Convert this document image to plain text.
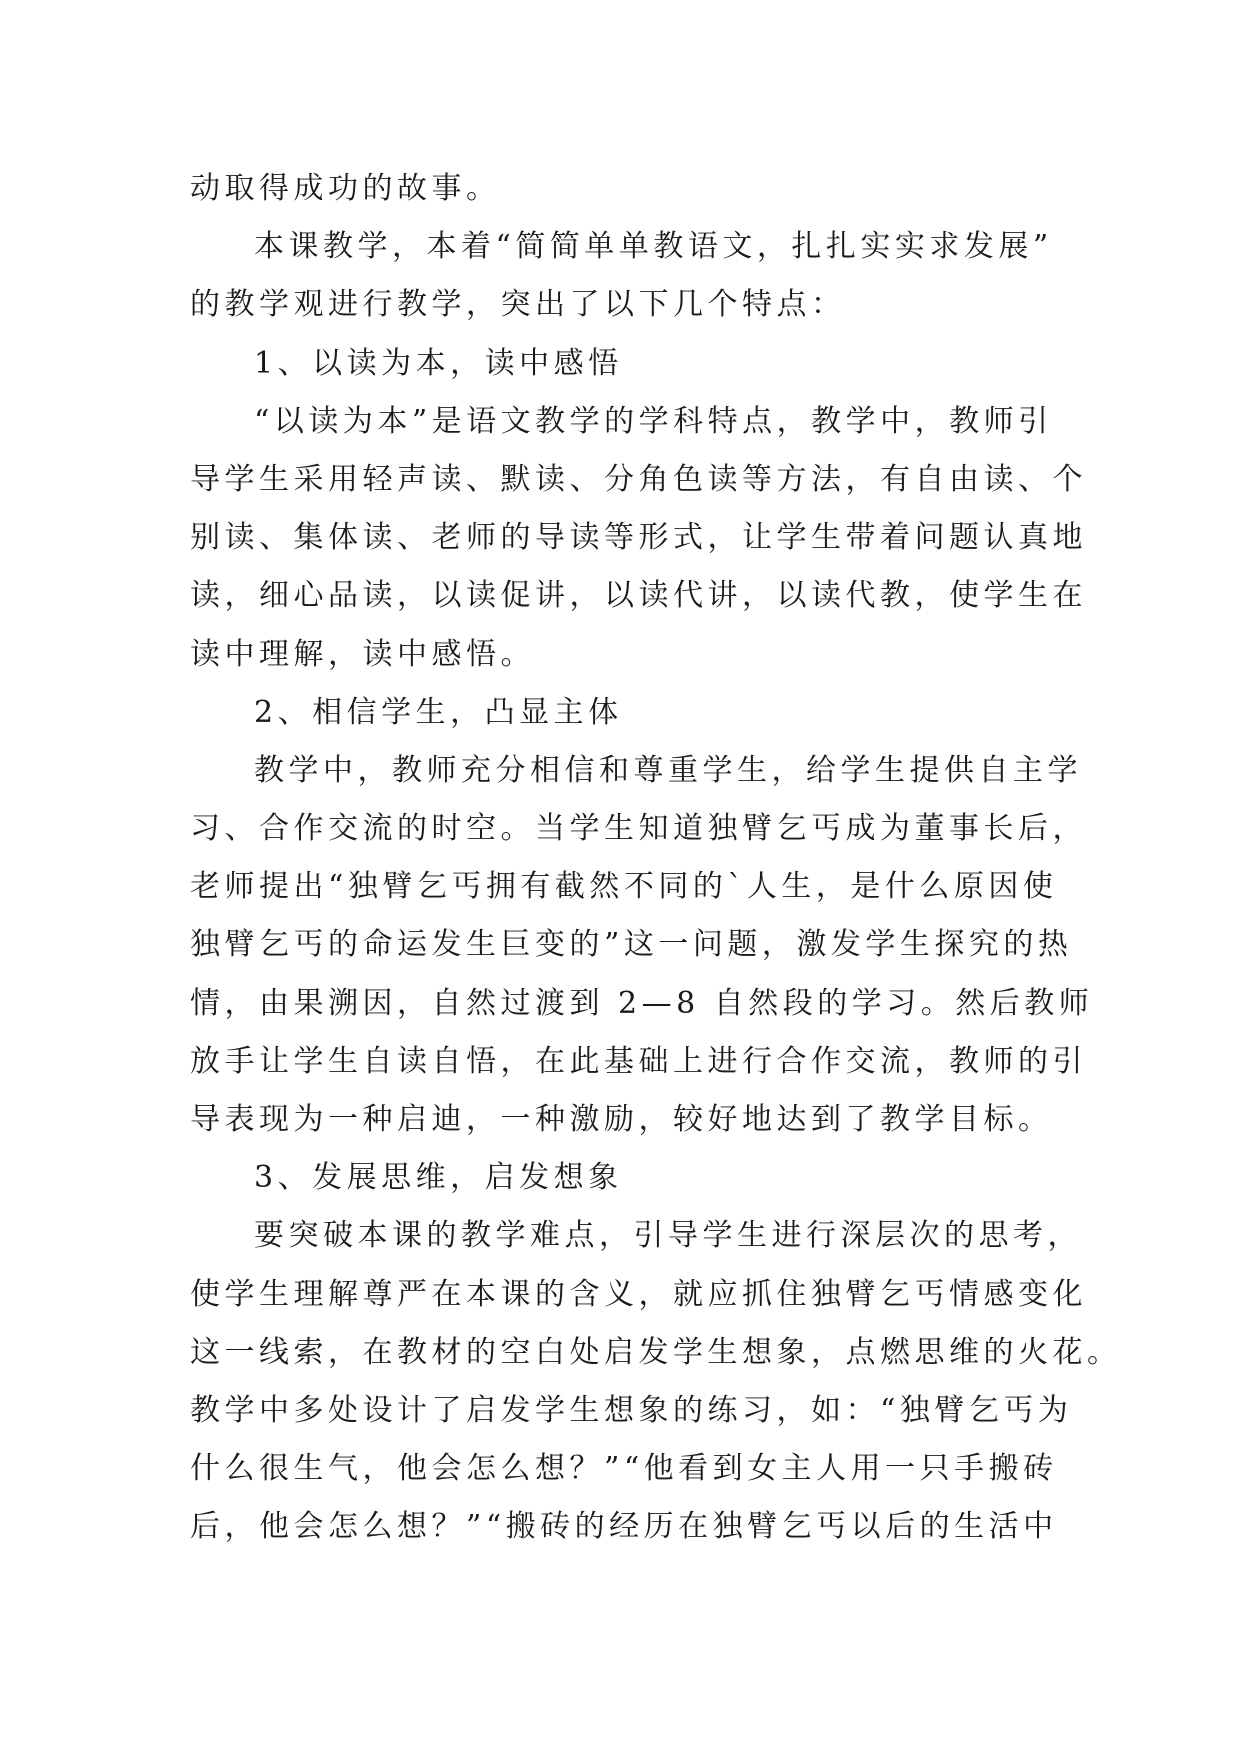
动取得成功的故事。
本课教学，本着“简简单单教语文，扎扎实实求发展”
的教学观进行教学，突出了以下几个特点：
1、以读为本，读中感悟
“以读为本”是语文教学的学科特点，教学中，教师引
导学生采用轻声读、默读、分角色读等方法，有自由读、个
别读、集体读、老师的导读等形式，让学生带着问题认真地
读，细心品读，以读促讲，以读代讲，以读代教，使学生在
读中理解，读中感悟。
2、相信学生，凸显主体
教学中，教师充分相信和尊重学生，给学生提供自主学
习、合作交流的时空。当学生知道独臂乞丐成为董事长后，
老师提出“独臂乞丐拥有截然不同的`人生，是什么原因使
独臂乞丐的命运发生巨变的”这一问题，激发学生探究的热
情，由果溯因，自然过渡到 2—8 自然段的学习。然后教师
放手让学生自读自悟，在此基础上进行合作交流，教师的引
导表现为一种启迪，一种激励，较好地达到了教学目标。
3、发展思维，启发想象
要突破本课的教学难点，引导学生进行深层次的思考，
使学生理解尊严在本课的含义，就应抓住独臂乞丐情感变化
这一线索，在教材的空白处启发学生想象，点燃思维的火花。
教学中多处设计了启发学生想象的练习，如：“独臂乞丐为
什么很生气，他会怎么想？”“他看到女主人用一只手搬砖
后，他会怎么想？”“搬砖的经历在独臂乞丐以后的生活中
